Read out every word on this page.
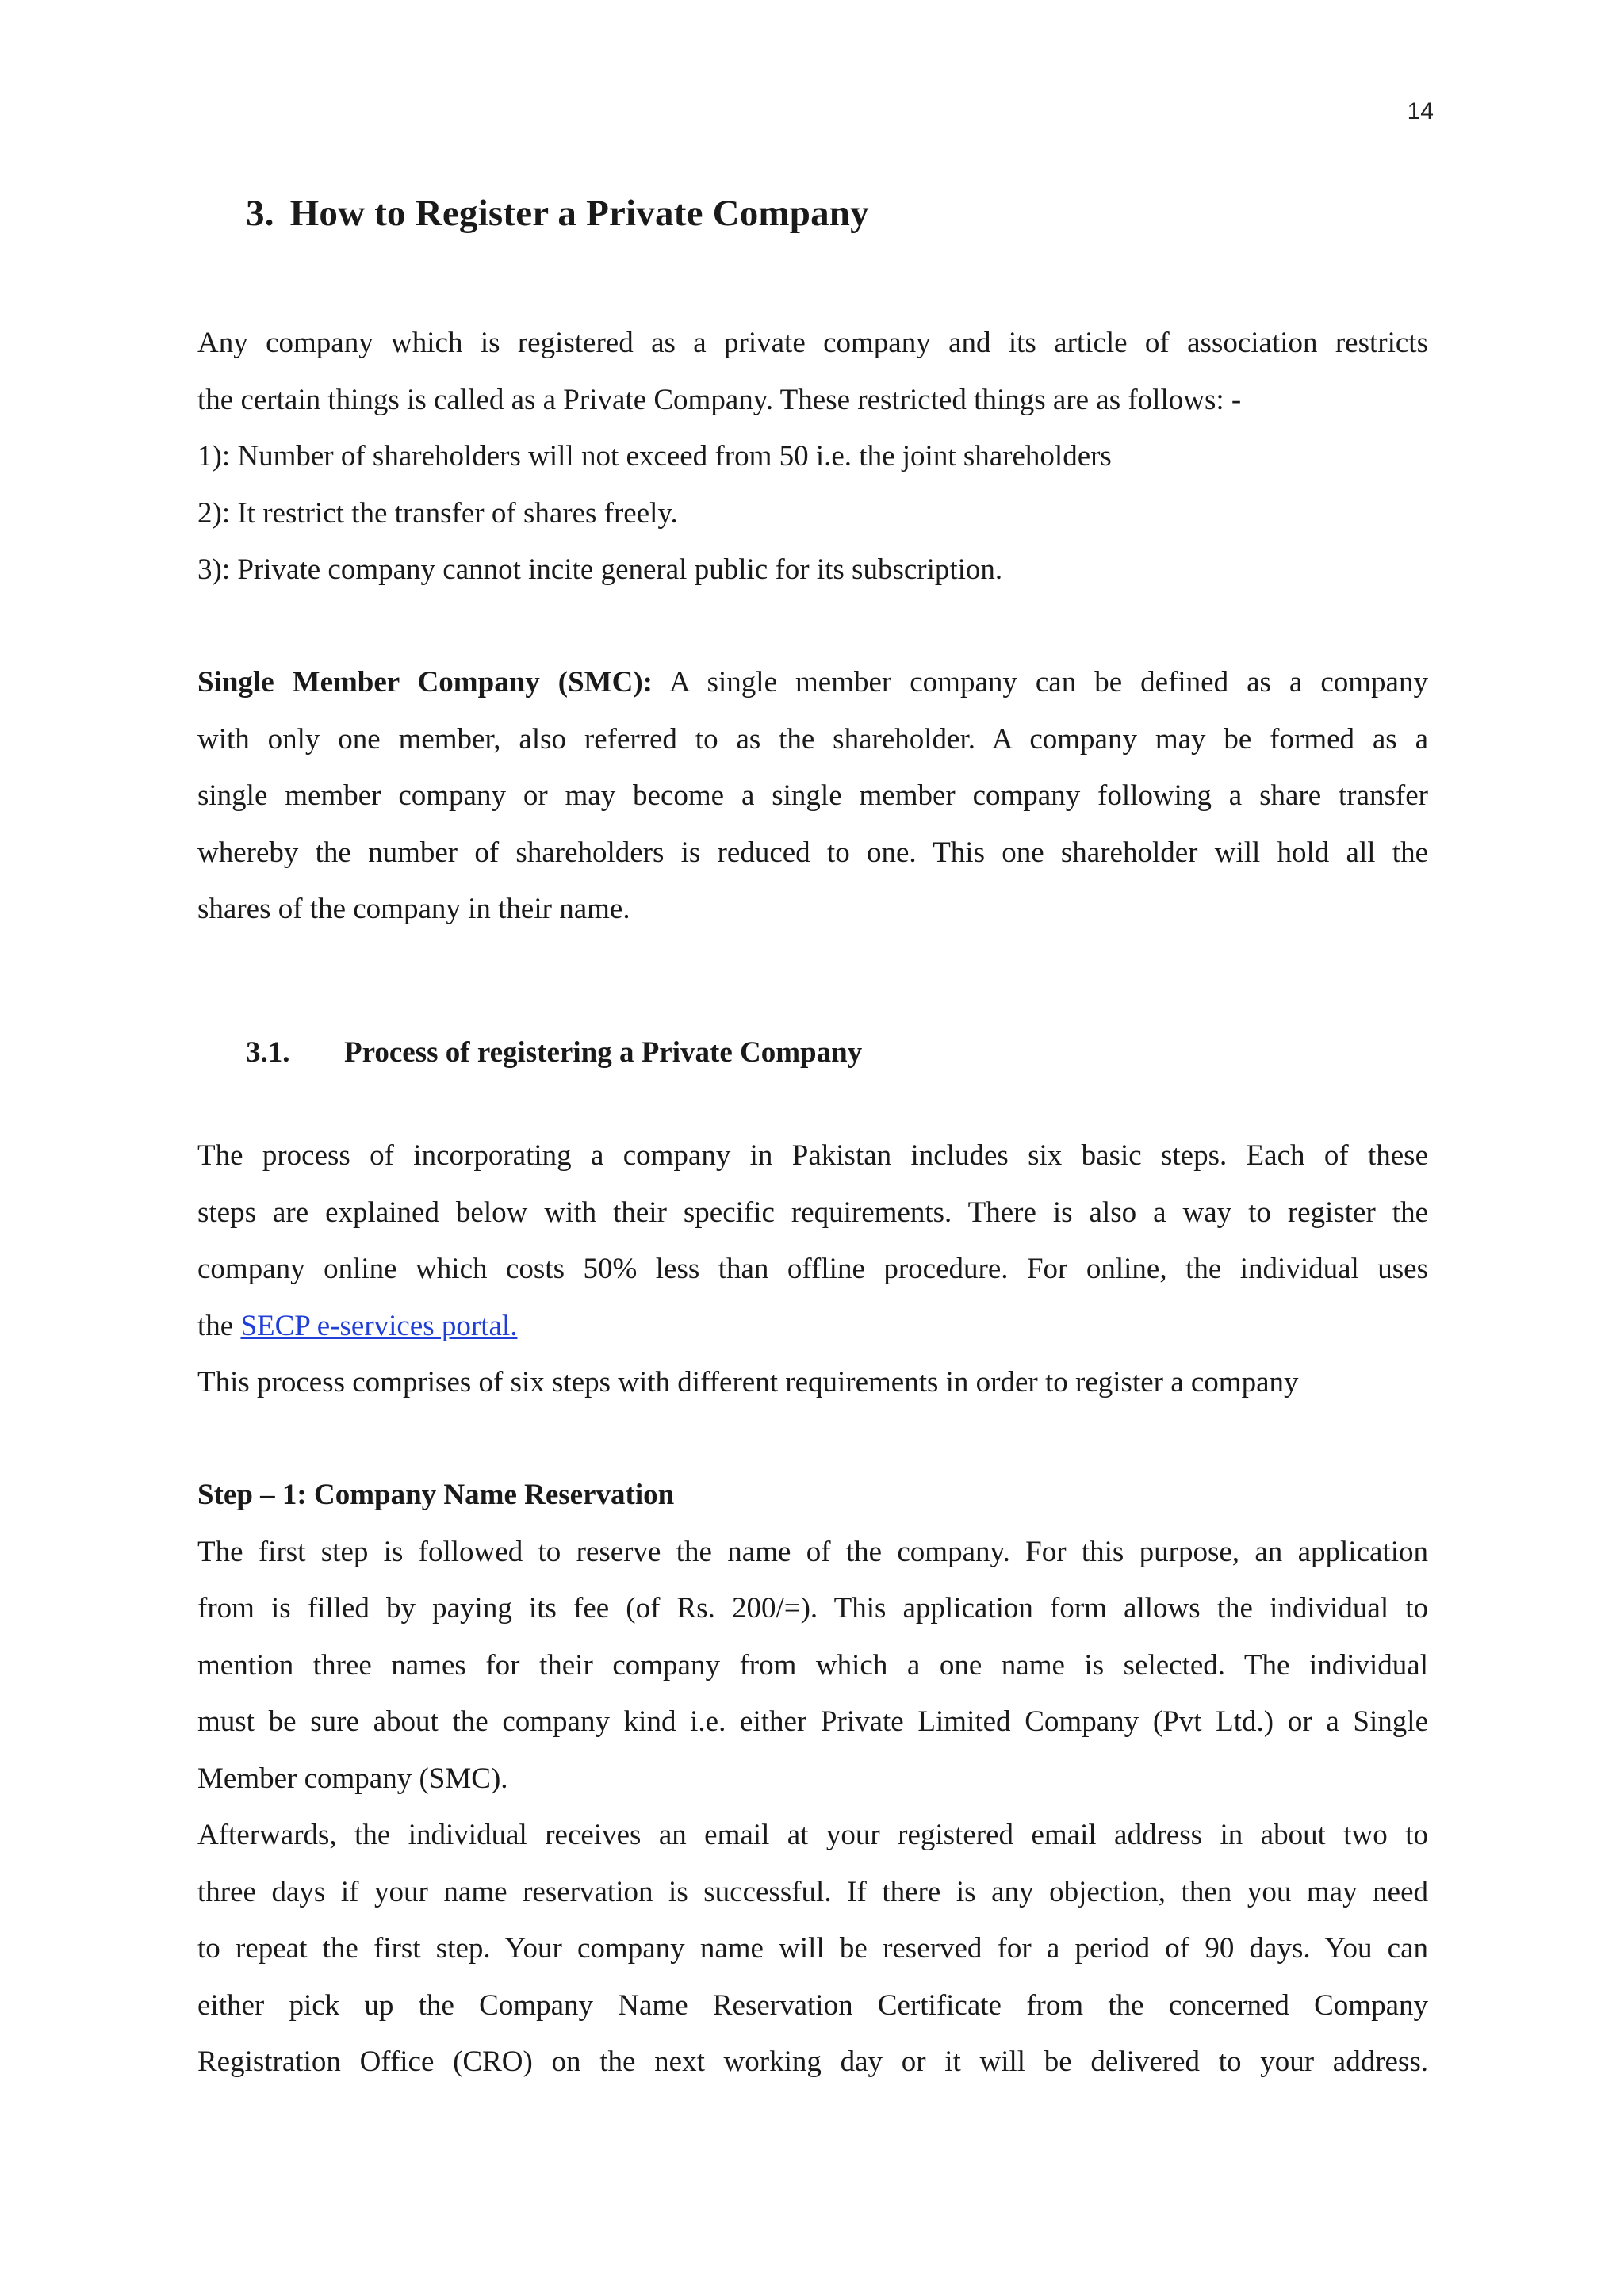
14
3. How to Register a Private Company
Any company which is registered as a private company and its article of association restricts
the certain things is called as a Private Company. These restricted things are as follows: -
1): Number of shareholders will not exceed from 50 i.e. the joint shareholders
2): It restrict the transfer of shares freely.
3): Private company cannot incite general public for its subscription.
Single Member Company (SMC): A single member company can be defined as a company
with only one member, also referred to as the shareholder. A company may be formed as a
single member company or may become a single member company following a share transfer
whereby the number of shareholders is reduced to one. This one shareholder will hold all the
shares of the company in their name.
3.1. Process of registering a Private Company
The process of incorporating a company in Pakistan includes six basic steps. Each of these
steps are explained below with their specific requirements. There is also a way to register the
company online which costs 50% less than offline procedure. For online, the individual uses
the SECP e-services portal.
This process comprises of six steps with different requirements in order to register a company
Step – 1: Company Name Reservation
The first step is followed to reserve the name of the company. For this purpose, an application
from is filled by paying its fee (of Rs. 200/=). This application form allows the individual to
mention three names for their company from which a one name is selected. The individual
must be sure about the company kind i.e. either Private Limited Company (Pvt Ltd.) or a Single
Member company (SMC).
Afterwards, the individual receives an email at your registered email address in about two to
three days if your name reservation is successful. If there is any objection, then you may need
to repeat the first step. Your company name will be reserved for a period of 90 days. You can
either pick up the Company Name Reservation Certificate from the concerned Company
Registration Office (CRO) on the next working day or it will be delivered to your address.
